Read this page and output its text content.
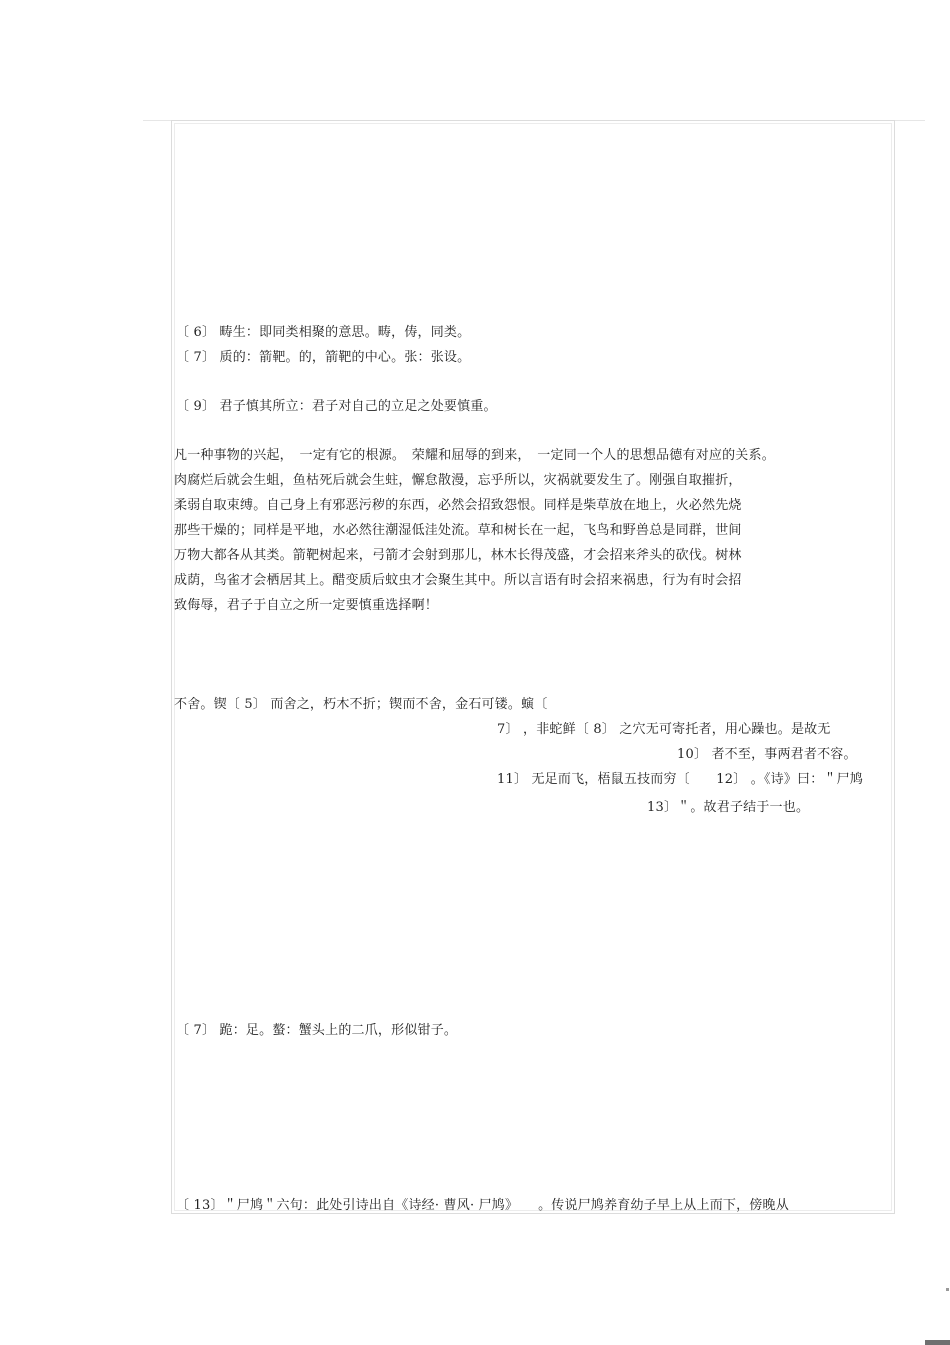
〔 6〕 畴生：即同类相聚的意思。畴，俦，同类。
〔 7〕 质的：箭靶。的，箭靶的中心。张：张设。
〔 9〕 君子慎其所立：君子对自己的立足之处要慎重。
凡一种事物的兴起，　一定有它的根源。　荣耀和屈辱的到来，　一定同一个人的思想品德有对应的关系。
肉腐烂后就会生蛆，鱼枯死后就会生蛀，懈怠散漫，忘乎所以，灾祸就要发生了。刚强自取摧折，
柔弱自取束缚。自己身上有邪恶污秽的东西，必然会招致怨恨。同样是柴草放在地上，火必然先烧
那些干燥的；同样是平地，水必然往潮湿低洼处流。草和树长在一起，飞鸟和野兽总是同群，世间
万物大都各从其类。箭靶树起来，弓箭才会射到那儿，林木长得茂盛，才会招来斧头的砍伐。树林
成荫，鸟雀才会栖居其上。醋变质后蚊虫才会聚生其中。所以言语有时会招来祸患，行为有时会招
致侮辱，君子于自立之所一定要慎重选择啊！
不舍。锲〔 5〕 而舍之，朽木不折；锲而不舍，金石可镂。螾〔
7〕 ，非蛇鲜〔 8〕 之穴无可寄托者，用心躁也。是故无
10〕 者不至，事两君者不容。
11〕 无足而飞，梧鼠五技而穷〔　　12〕 。《诗》曰：＂尸鸠
13〕＂。故君子结于一也。
〔 7〕 跪：足。螯：蟹头上的二爪，形似钳子。
〔 13〕＂尸鸠＂六句：此处引诗出自《诗经· 曹风· 尸鸠》　　。传说尸鸠养育幼子早上从上而下，傍晚从
